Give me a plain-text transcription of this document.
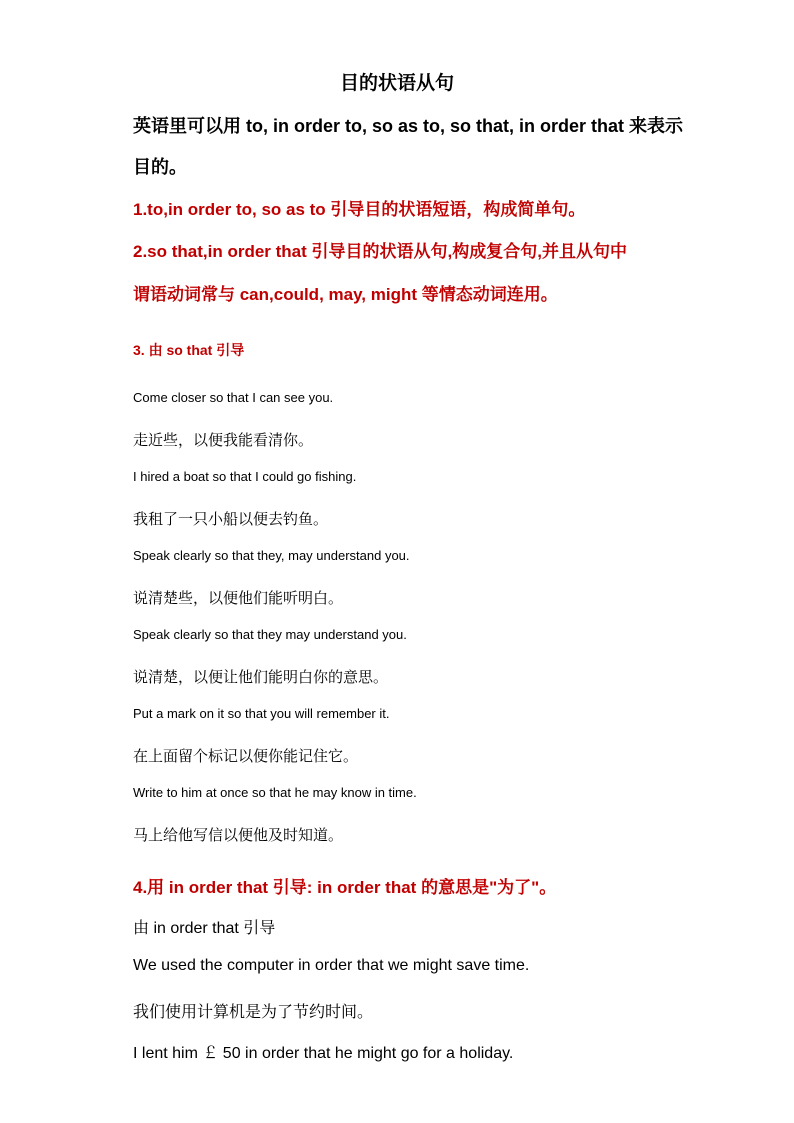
目的状语从句
英语里可以用 to, in order to, so as to, so that, in order that 来表示
目的。
1.to,in order to, so as to 引导目的状语短语，构成简单句。
2.so that,in order that 引导目的状语从句,构成复合句,并且从句中
谓语动词常与 can,could, may, might 等情态动词连用。
3. 由 so that 引导
Come closer so that I can see you.
走近些，以便我能看清你。
I hired a boat so that I could go fishing.
我租了一只小船以便去钓鱼。
Speak clearly so that they, may understand you.
说清楚些，以便他们能听明白。
Speak clearly so that they may understand you.
说清楚，以便让他们能明白你的意思。
Put a mark on it so that you will remember it.
在上面留个标记以便你能记住它。
Write to him at once so that he may know in time.
马上给他写信以便他及时知道。
4.用 in order that 引导: in order that 的意思是"为了"。
由 in order that 引导
We used the computer in order that we might save time.
我们使用计算机是为了节约时间。
I lent him ￡ 50 in order that he might go for a holiday.
